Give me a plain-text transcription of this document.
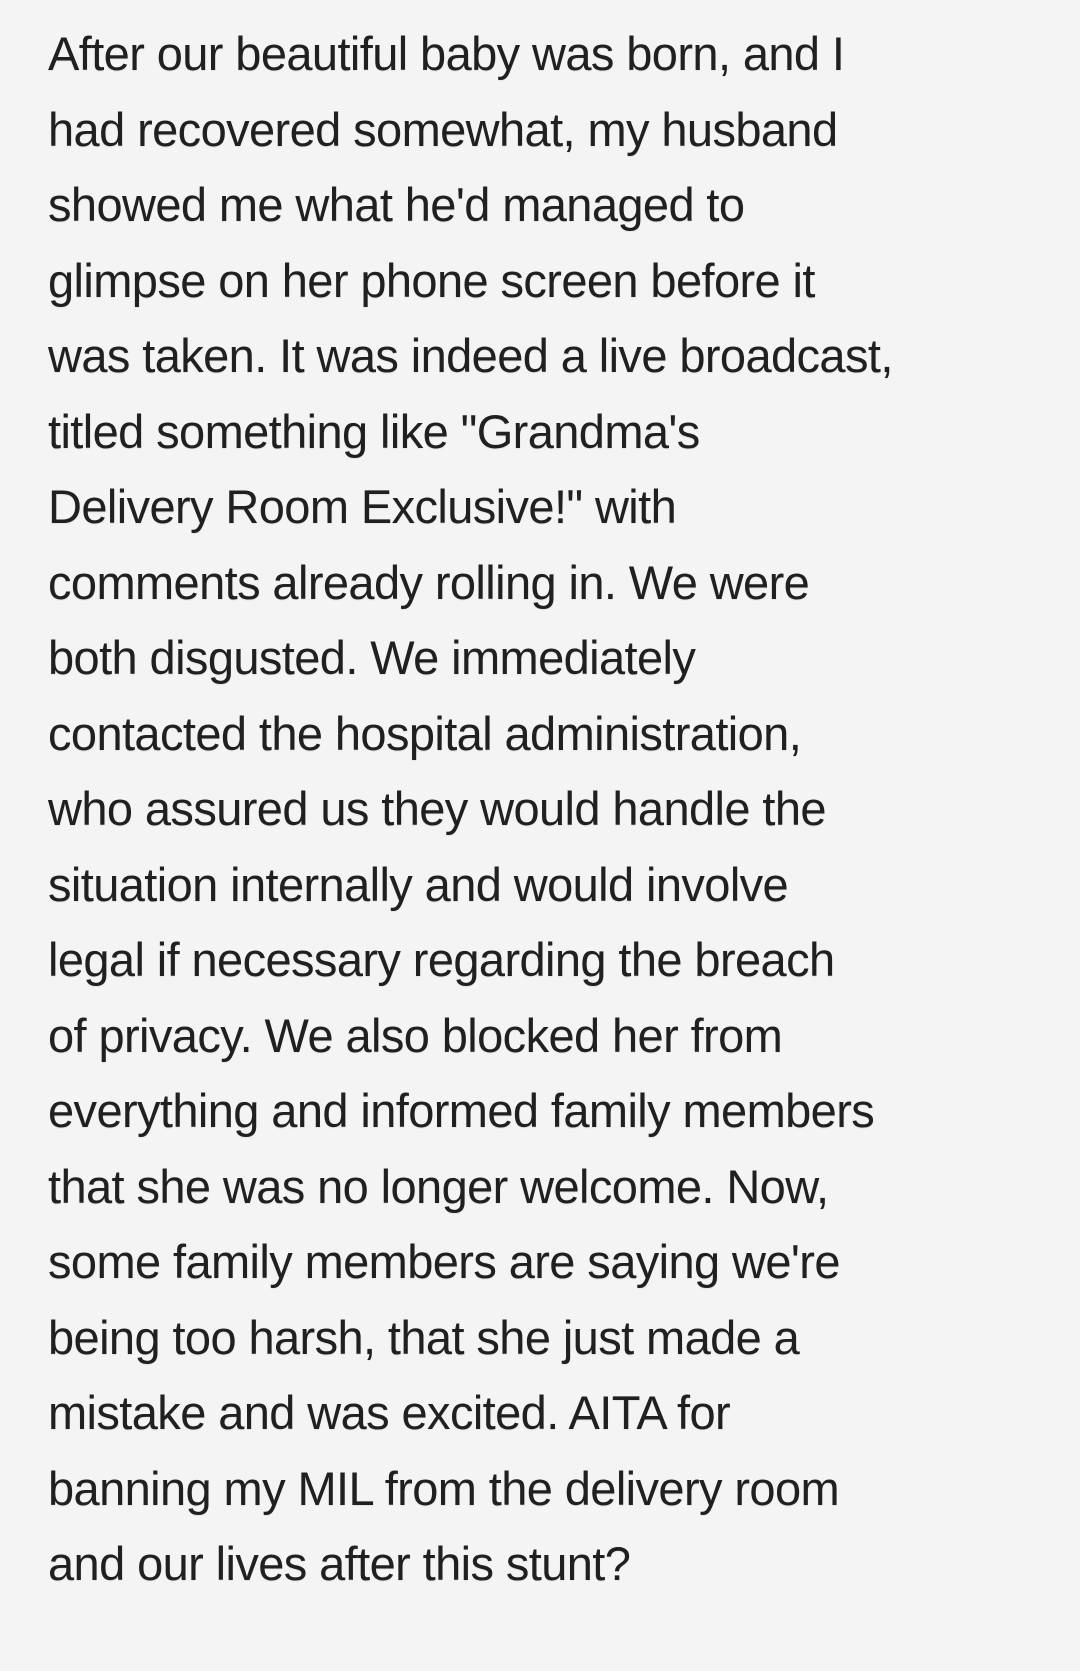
After our beautiful baby was born, and I
had recovered somewhat, my husband
showed me what he'd managed to
glimpse on her phone screen before it
was taken. It was indeed a live broadcast,
titled something like "Grandma's
Delivery Room Exclusive!" with
comments already rolling in. We were
both disgusted. We immediately
contacted the hospital administration,
who assured us they would handle the
situation internally and would involve
legal if necessary regarding the breach
of privacy. We also blocked her from
everything and informed family members
that she was no longer welcome. Now,
some family members are saying we're
being too harsh, that she just made a
mistake and was excited. AITA for
banning my MIL from the delivery room
and our lives after this stunt?
